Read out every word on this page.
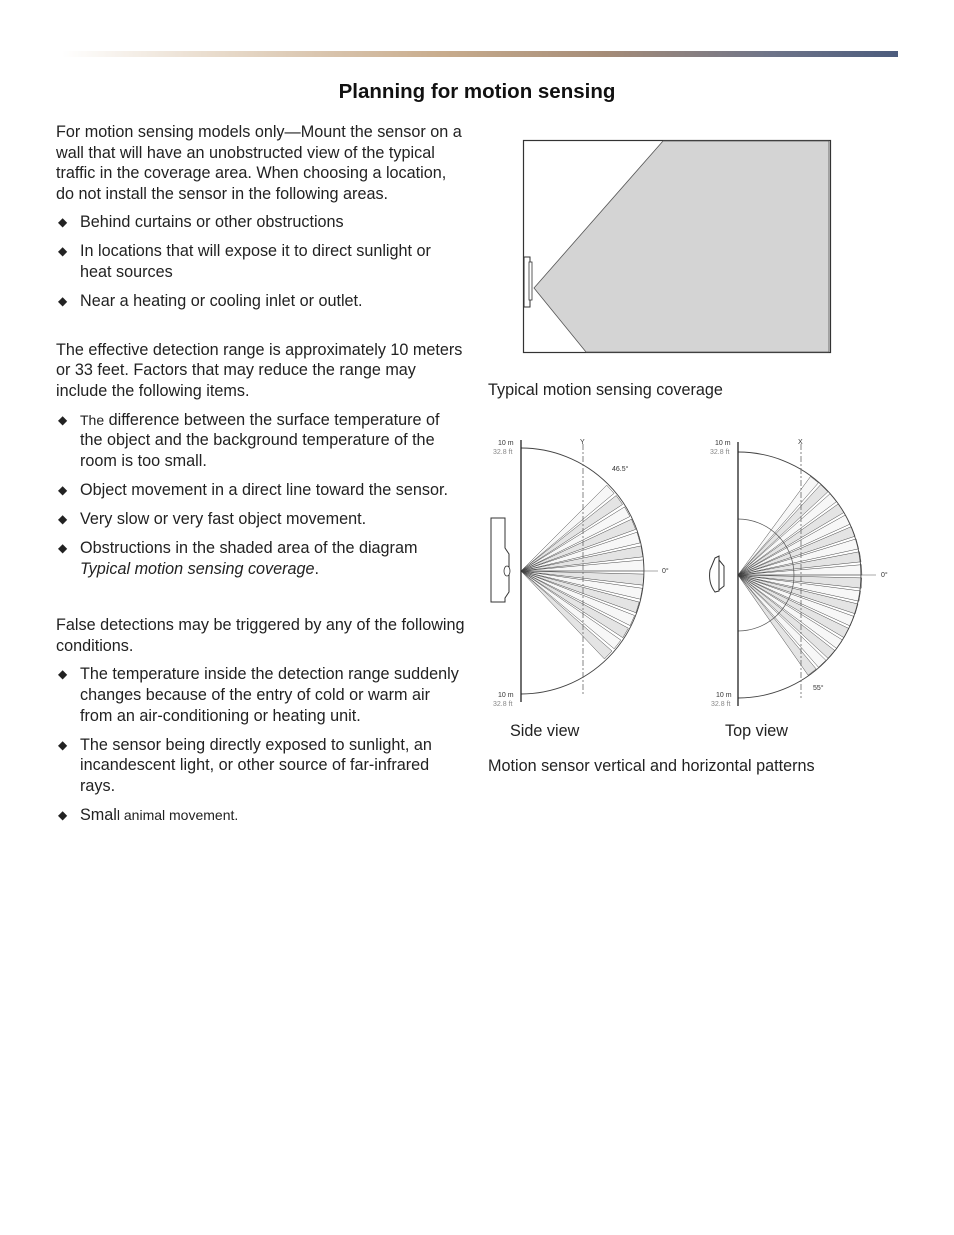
Planning for motion sensing

For motion sensing models only—Mount the sensor on a wall that will have an unobstructed view of the typical traffic in the coverage area. When choosing a location, do not install the sensor in the following areas.

◆ Behind curtains or other obstructions
◆ In locations that will expose it to direct sunlight or heat sources
◆ Near a heating or cooling inlet or outlet.

The effective detection range is approximately 10 meters or 33 feet. Factors that may reduce the range may include the following items.

◆ The difference between the surface temperature of the object and the background temperature of the room is too small.
◆ Object movement in a direct line toward the sensor.
◆ Very slow or very fast object movement.
◆ Obstructions in the shaded area of the diagram Typical motion sensing coverage.

False detections may be triggered by any of the following conditions.

◆ The temperature inside the detection range suddenly changes because of the entry of cold or warm air from an air-conditioning or heating unit.
◆ The sensor being directly exposed to sunlight, an incandescent light, or other source of far-infrared rays.
◆ Small animal movement.
Typical motion sensing coverage
10 m
32.8 ft
10 m
32.8 ft
Y
46.5°
0°
10 m
32.8 ft
10 m
32.8 ft
X
55°
0°
Side view	Top view
Motion sensor vertical and horizontal patterns
